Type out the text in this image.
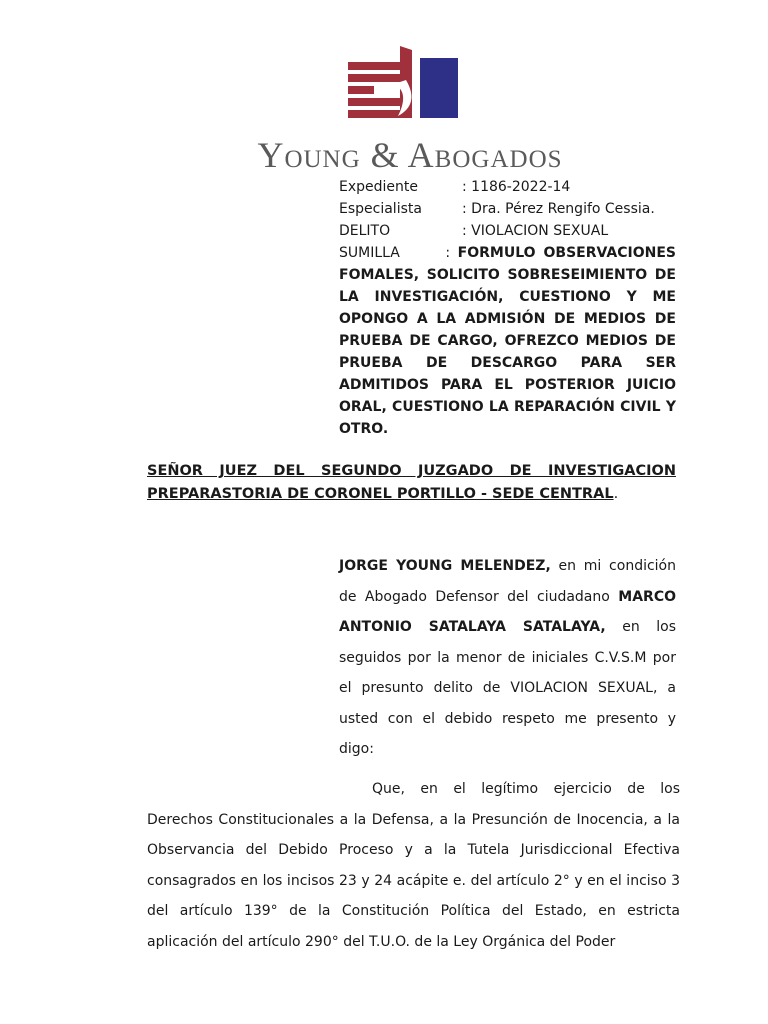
Young & Abogados
Expediente	: 1186-2022-14
Especialista	: Dra. Pérez Rengifo Cessia.
DELITO	: VIOLACION SEXUAL
SUMILLA	: FORMULO OBSERVACIONES FOMALES, SOLICITO SOBRESEIMIENTO DE LA INVESTIGACIÓN, CUESTIONO Y ME OPONGO A LA ADMISIÓN DE MEDIOS DE PRUEBA DE CARGO, OFREZCO MEDIOS DE PRUEBA DE DESCARGO PARA SER ADMITIDOS PARA EL POSTERIOR JUICIO ORAL, CUESTIONO LA REPARACIÓN CIVIL Y OTRO.
SEÑOR JUEZ DEL SEGUNDO JUZGADO DE INVESTIGACION PREPARASTORIA DE CORONEL PORTILLO - SEDE CENTRAL.
JORGE YOUNG MELENDEZ, en mi condición de Abogado Defensor del ciudadano MARCO ANTONIO SATALAYA SATALAYA, en los seguidos por la menor de iniciales C.V.S.M por el presunto delito de VIOLACION SEXUAL, a usted con el debido respeto me presento y digo:
Que, en el legítimo ejercicio de los Derechos Constitucionales a la Defensa, a la Presunción de Inocencia, a la Observancia del Debido Proceso y a la Tutela Jurisdiccional Efectiva consagrados en los incisos 23 y 24 acápite e. del artículo 2° y en el inciso 3 del artículo 139° de la Constitución Política del Estado, en estricta aplicación del artículo 290° del T.U.O. de la Ley Orgánica del Poder
